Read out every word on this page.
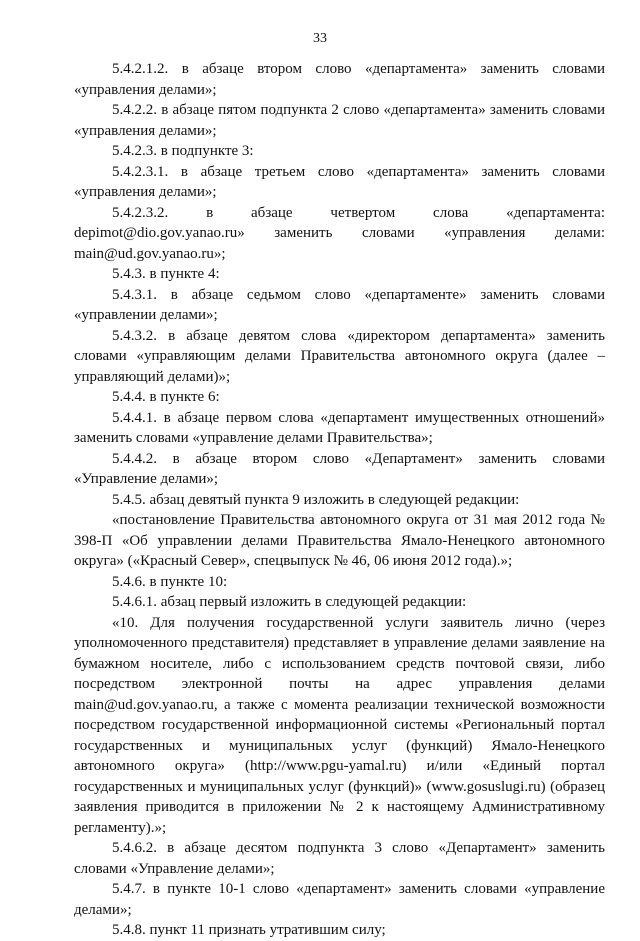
33

5.4.2.1.2. в абзаце втором слово «департамента» заменить словами «управления делами»;

5.4.2.2. в абзаце пятом подпункта 2 слово «департамента» заменить словами «управления делами»;

5.4.2.3. в подпункте 3:

5.4.2.3.1. в абзаце третьем слово «департамента» заменить словами «управления делами»;

5.4.2.3.2. в абзаце четвертом слова «департамента: depimot@dio.gov.yanao.ru» заменить словами «управления делами: main@ud.gov.yanao.ru»;

5.4.3. в пункте 4:

5.4.3.1. в абзаце седьмом слово «департаменте» заменить словами «управлении делами»;

5.4.3.2. в абзаце девятом слова «директором департамента» заменить словами «управляющим делами Правительства автономного округа (далее – управляющий делами)»;

5.4.4. в пункте 6:

5.4.4.1. в абзаце первом слова «департамент имущественных отношений» заменить словами «управление делами Правительства»;

5.4.4.2. в абзаце втором слово «Департамент» заменить словами «Управление делами»;

5.4.5. абзац девятый пункта 9 изложить в следующей редакции:

«постановление Правительства автономного округа от 31 мая 2012 года № 398-П «Об управлении делами Правительства Ямало-Ненецкого автономного округа» («Красный Север», спецвыпуск № 46, 06 июня 2012 года).»;

5.4.6. в пункте 10:

5.4.6.1. абзац первый изложить в следующей редакции:

«10. Для получения государственной услуги заявитель лично (через уполномоченного представителя) представляет в управление делами заявление на бумажном носителе, либо с использованием средств почтовой связи, либо посредством электронной почты на адрес управления делами main@ud.gov.yanao.ru, а также с момента реализации технической возможности посредством государственной информационной системы «Региональный портал государственных и муниципальных услуг (функций) Ямало-Ненецкого автономного округа» (http://www.pgu-yamal.ru) и/или «Единый портал государственных и муниципальных услуг (функций)» (www.gosuslugi.ru) (образец заявления приводится в приложении № 2 к настоящему Административному регламенту).»;

5.4.6.2. в абзаце десятом подпункта 3 слово «Департамент» заменить словами «Управление делами»;

5.4.7. в пункте 10-1 слово «департамент» заменить словами «управление делами»;

5.4.8. пункт 11 признать утратившим силу;
